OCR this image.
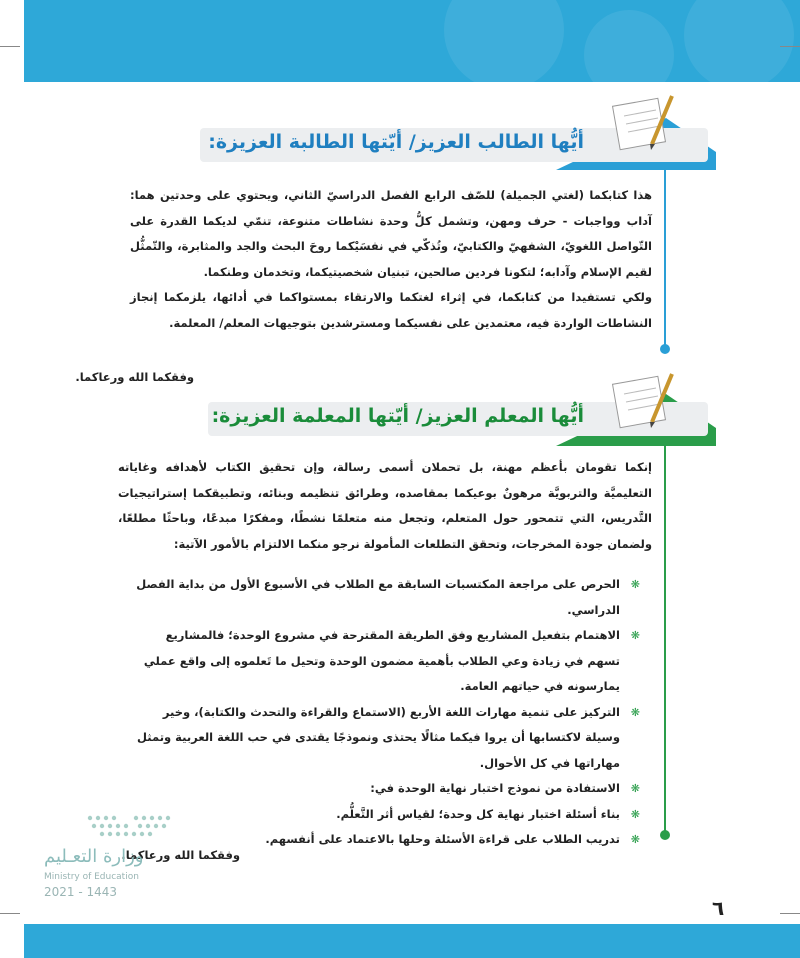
أيُّها الطالب العزيز/ أيّتها الطالبة العزيزة:

هذا كتابكما (لغتي الجميلة) للصّف الرابع الفصل الدراسيّ الثاني، ويحتوي على وحدتين هما: آداب وواجبات - حرف ومهن، وتشمل كلُّ وحدة نشاطات متنوعة، تنمّي لديكما القدرة على التّواصل اللغويّ، الشفهيّ والكتابيّ، وتُذكّي في نفسَيْكما روحَ البحث والجد والمثابرة، والتّمثُّل لقيم الإسلام وآدابه؛ لتكونا فردين صالحين، تبنيان شخصيتيكما، وتخدمان وطنكما.

ولكي تستفيدا من كتابكما، في إثراء لغتكما والارتقاء بمستواكما في أدائها، يلزمكما إنجاز النشاطات الواردة فيه، معتمدين على نفسيكما ومسترشدين بتوجيهات المعلم/ المعلمة.

وفقكما الله ورعاكما.
أيُّها المعلم العزيز/ أيّتها المعلمة العزيزة:

إنكما تقومان بأعظم مهنة، بل تحملان أسمى رسالة، وإن تحقيق الكتاب لأهدافه وغاياته التعليميَّة والتربويَّة مرهونٌ بوعيكما بمقاصده، وطرائق تنظيمه وبنائه، وتطبيقكما إستراتيجيات التَّدريس، التي تتمحور حول المتعلم، وتجعل منه متعلمًا نشطًا، ومفكرًا مبدعًا، وباحثًا مطلعًا، ولضمان جودة المخرجات، وتحقق التطلعات المأمولة نرجو منكما الالتزام بالأمور الآتية:

❋
الحرص على مراجعة المكتسبات السابقة مع الطلاب في الأسبوع الأول من بداية الفصل الدراسي.
❋
الاهتمام بتفعيل المشاريع وفق الطريقة المقترحة في مشروع الوحدة؛ فالمشاريع تسهم في زيادة وعي الطلاب بأهمية مضمون الوحدة وتحيل ما تَعلموه إلى واقع عملي يمارسونه في حياتهم العامة.
❋
التركيز على تنمية مهارات اللغة الأربع (الاستماع والقراءة والتحدث والكتابة)، وخير وسيلة لاكتسابها أن يروا فيكما مثالًا يحتذى ونموذجًا يقتدى في حب اللغة العربية وتمثل مهاراتها في كل الأحوال.
❋
الاستفادة من نموذج اختبار نهاية الوحدة في:
❋
بناء أسئلة اختبار نهاية كل وحدة؛ لقياس أثر التَّعلُّم.
❋
تدريب الطلاب على قراءة الأسئلة وحلها بالاعتماد على أنفسهم.
وفقكما الله ورعاكما.
وزارة التعـليم
Ministry of Education
2021 - 1443
٦
